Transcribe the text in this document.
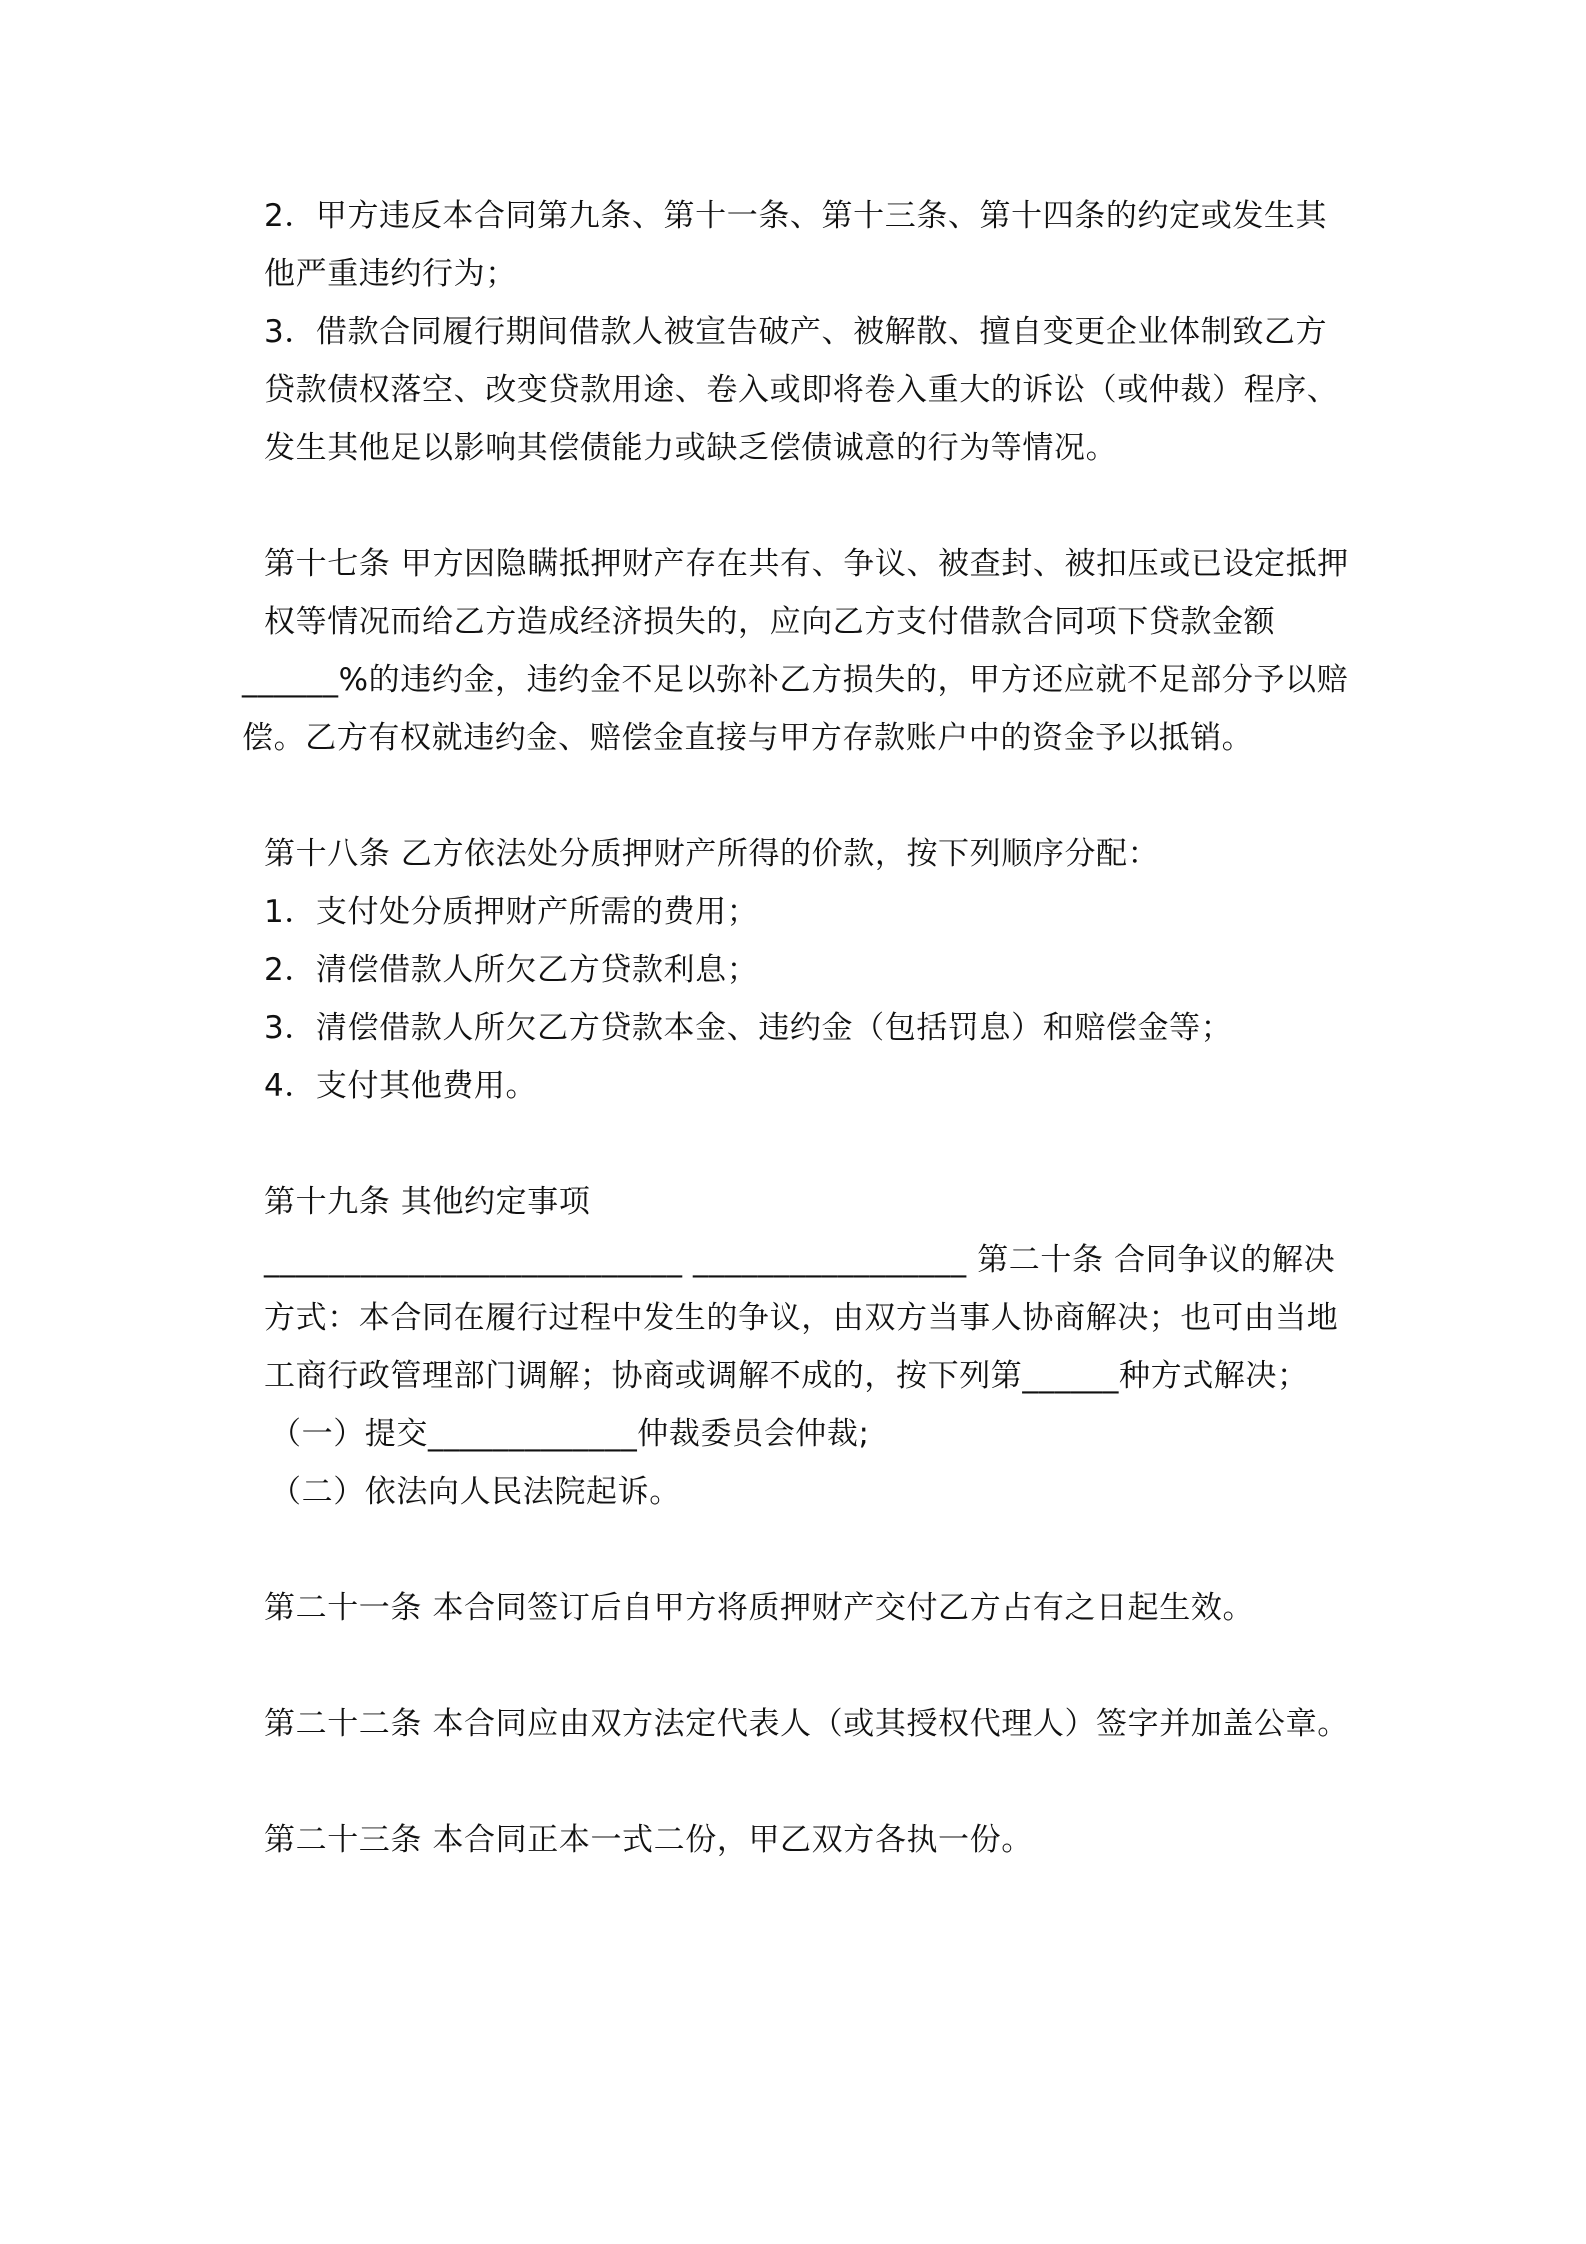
2．甲方违反本合同第九条、第十一条、第十三条、第十四条的约定或发生其他严重违约行为；

3．借款合同履行期间借款人被宣告破产、被解散、擅自变更企业体制致乙方贷款债权落空、改变贷款用途、卷入或即将卷入重大的诉讼（或仲裁）程序、发生其他足以影响其偿债能力或缺乏偿债诚意的行为等情况。

第十七条 甲方因隐瞒抵押财产存在共有、争议、被查封、被扣压或已设定抵押权等情况而给乙方造成经济损失的，应向乙方支付借款合同项下贷款金额

______%的违约金，违约金不足以弥补乙方损失的，甲方还应就不足部分予以赔偿。乙方有权就违约金、赔偿金直接与甲方存款账户中的资金予以抵销。

第十八条 乙方依法处分质押财产所得的价款，按下列顺序分配：

1．支付处分质押财产所需的费用；

2．清偿借款人所欠乙方贷款利息；

3．清偿借款人所欠乙方贷款本金、违约金（包括罚息）和赔偿金等；

4．支付其他费用。

第十九条 其他约定事项

__________________________ _________________ 第二十条 合同争议的解决方式：本合同在履行过程中发生的争议，由双方当事人协商解决；也可由当地工商行政管理部门调解；协商或调解不成的，按下列第______种方式解决；

（一）提交_____________仲裁委员会仲裁;

（二）依法向人民法院起诉。

第二十一条 本合同签订后自甲方将质押财产交付乙方占有之日起生效。

第二十二条 本合同应由双方法定代表人（或其授权代理人）签字并加盖公章。

第二十三条 本合同正本一式二份，甲乙双方各执一份。
